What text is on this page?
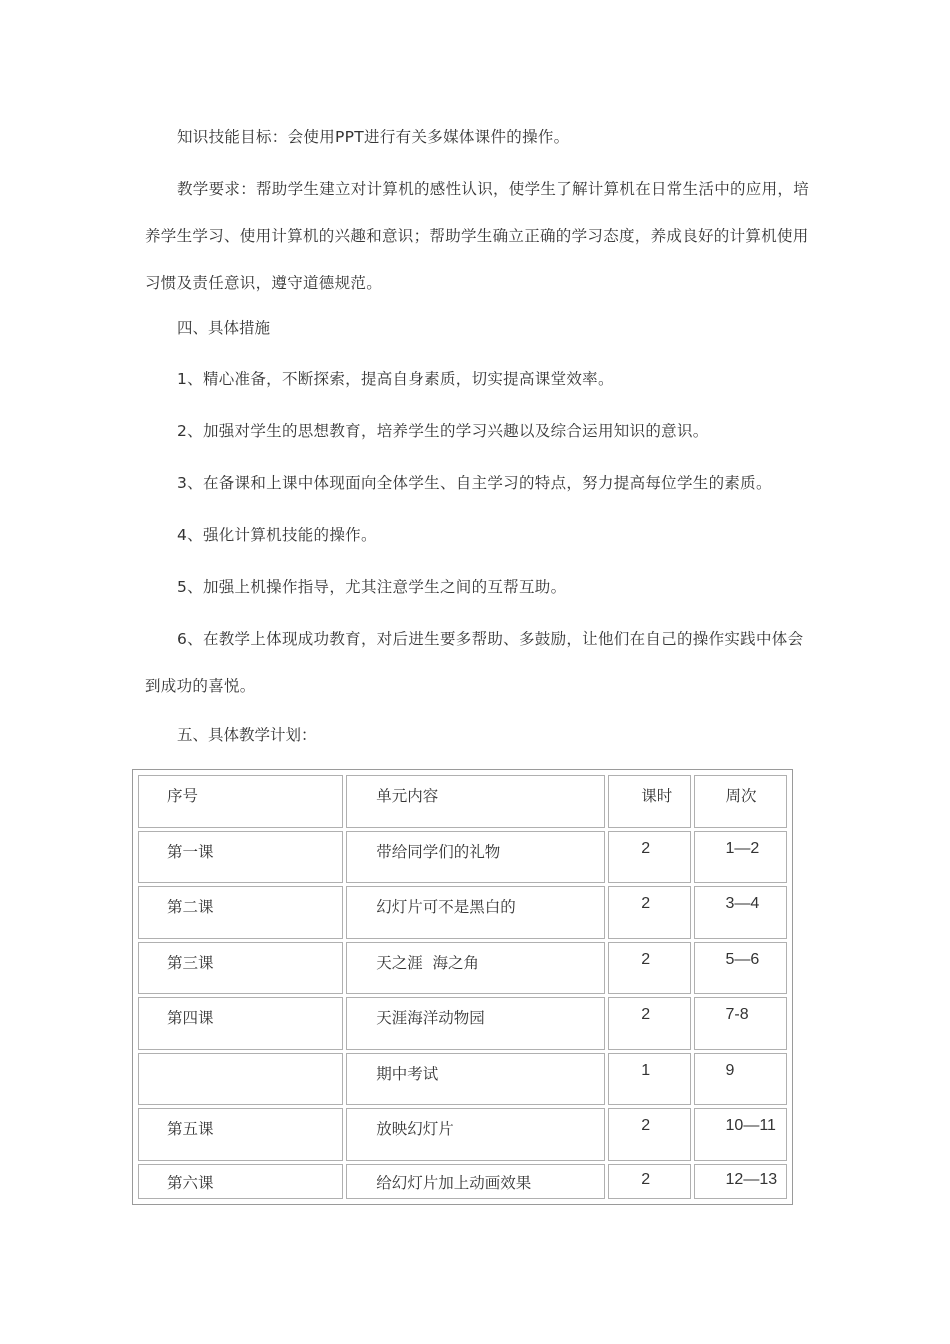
知识技能目标：会使用PPT进行有关多媒体课件的操作。

教学要求：帮助学生建立对计算机的感性认识，使学生了解计算机在日常生活中的应用，培养学生学习、使用计算机的兴趣和意识；帮助学生确立正确的学习态度，养成良好的计算机使用习惯及责任意识，遵守道德规范。

四、具体措施

1、精心准备，不断探索，提高自身素质，切实提高课堂效率。

2、加强对学生的思想教育，培养学生的学习兴趣以及综合运用知识的意识。

3、在备课和上课中体现面向全体学生、自主学习的特点，努力提高每位学生的素质。

4、强化计算机技能的操作。

5、加强上机操作指导，尤其注意学生之间的互帮互助。

6、在教学上体现成功教育，对后进生要多帮助、多鼓励，让他们在自己的操作实践中体会到成功的喜悦。

五、具体教学计划：

序号	单元内容	课时	周次
第一课	带给同学们的礼物	2	1—2
第二课	幻灯片可不是黑白的	2	3—4
第三课	天之涯  海之角	2	5—6
第四课	天涯海洋动物园	2	7-8
	期中考试	1	9
第五课	放映幻灯片	2	10—11
第六课	给幻灯片加上动画效果	2	12—13
